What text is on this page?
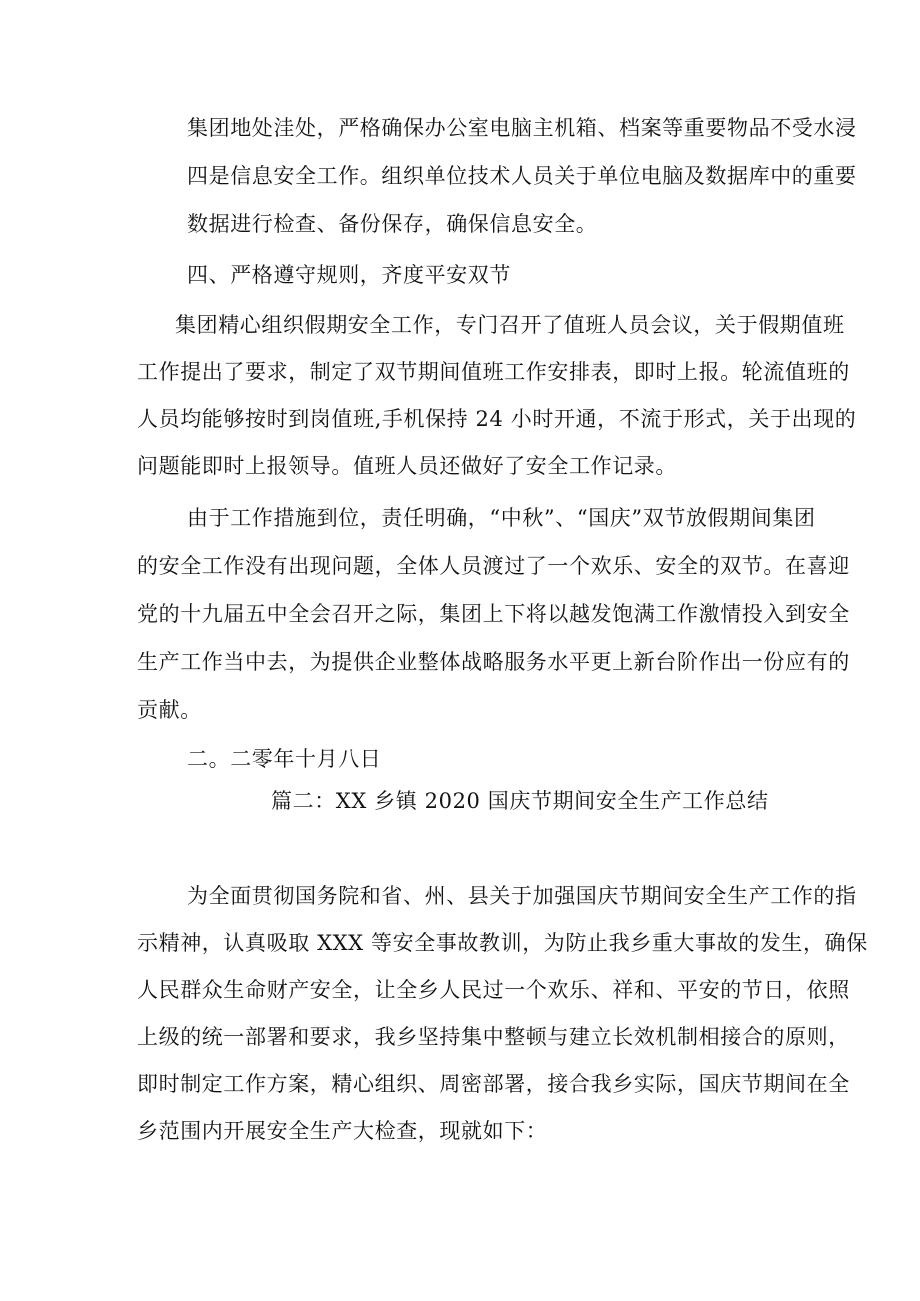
集团地处洼处，严格确保办公室电脑主机箱、档案等重要物品不受水浸
四是信息安全工作。组织单位技术人员关于单位电脑及数据库中的重要
数据进行检查、备份保存，确保信息安全。
四、严格遵守规则，齐度平安双节
集团精心组织假期安全工作，专门召开了值班人员会议，关于假期值班
工作提出了要求，制定了双节期间值班工作安排表，即时上报。轮流值班的
人员均能够按时到岗值班,手机保持 24 小时开通，不流于形式，关于出现的
问题能即时上报领导。值班人员还做好了安全工作记录。
由于工作措施到位，责任明确，“中秋”、“国庆”双节放假期间集团
的安全工作没有出现问题，全体人员渡过了一个欢乐、安全的双节。在喜迎
党的十九届五中全会召开之际，集团上下将以越发饱满工作激情投入到安全
生产工作当中去，为提供企业整体战略服务水平更上新台阶作出一份应有的
贡献。
二。二零年十月八日
篇二：XX 乡镇 2020 国庆节期间安全生产工作总结
为全面贯彻国务院和省、州、县关于加强国庆节期间安全生产工作的指
示精神，认真吸取 XXX 等安全事故教训，为防止我乡重大事故的发生，确保
人民群众生命财产安全，让全乡人民过一个欢乐、祥和、平安的节日，依照
上级的统一部署和要求，我乡坚持集中整顿与建立长效机制相接合的原则，
即时制定工作方案，精心组织、周密部署，接合我乡实际，国庆节期间在全
乡范围内开展安全生产大检查，现就如下：
